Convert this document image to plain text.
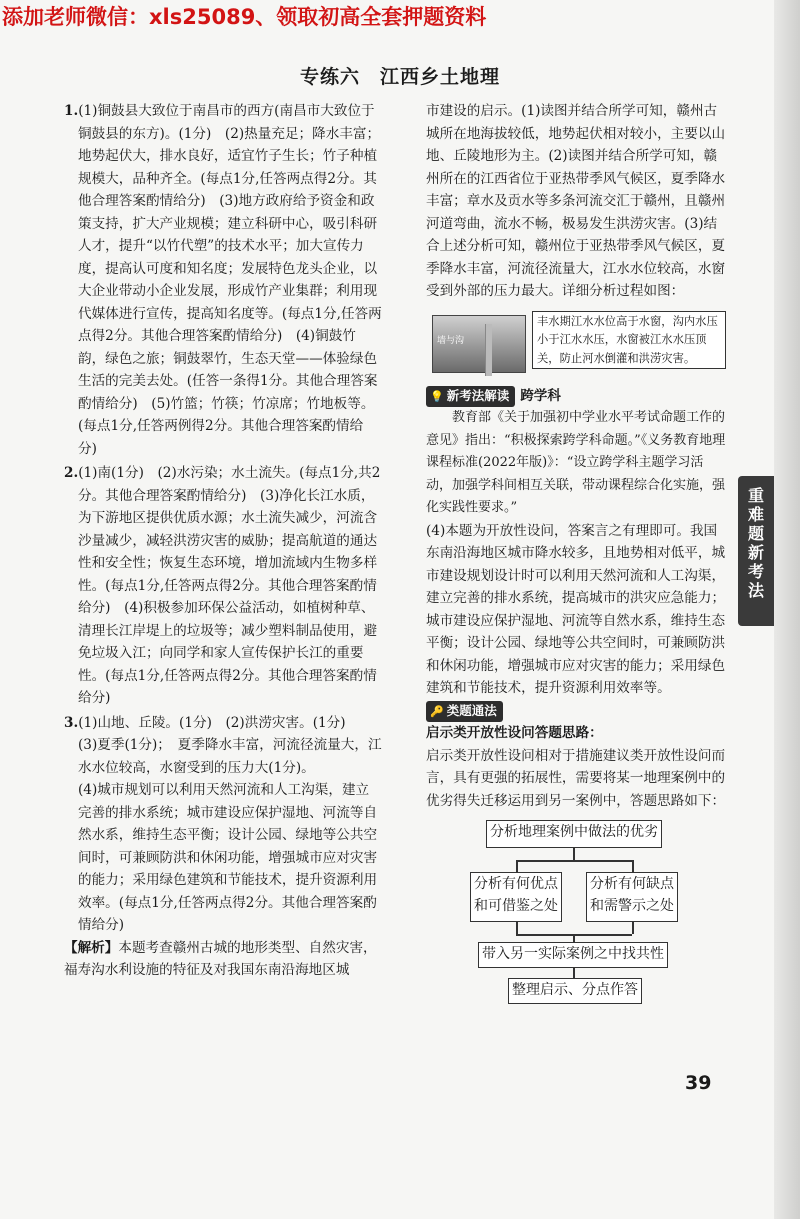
添加老师微信：xls25089、领取初高全套押题资料
专练六　江西乡土地理

1.(1)铜鼓县大致位于南昌市的西方(南昌市大致位于铜鼓县的东方)。(1分)　(2)热量充足；降水丰富；地势起伏大，排水良好，适宜竹子生长；竹子种植规模大，品种齐全。(每点1分,任答两点得2分。其他合理答案酌情给分)　(3)地方政府给予资金和政策支持，扩大产业规模；建立科研中心，吸引科研人才，提升“以竹代塑”的技术水平；加大宣传力度，提高认可度和知名度；发展特色龙头企业，以大企业带动小企业发展，形成竹产业集群；利用现代媒体进行宣传，提高知名度等。(每点1分,任答两点得2分。其他合理答案酌情给分)　(4)铜鼓竹韵，绿色之旅；铜鼓翠竹，生态天堂——体验绿色生活的完美去处。(任答一条得1分。其他合理答案酌情给分)　(5)竹篮；竹筷；竹凉席；竹地板等。(每点1分,任答两例得2分。其他合理答案酌情给分)

2.(1)南(1分)　(2)水污染；水土流失。(每点1分,共2分。其他合理答案酌情给分)　(3)净化长江水质，为下游地区提供优质水源；水土流失减少，河流含沙量减少，减轻洪涝灾害的威胁；提高航道的通达性和安全性；恢复生态环境，增加流域内生物多样性。(每点1分,任答两点得2分。其他合理答案酌情给分)　(4)积极参加环保公益活动，如植树种草、清理长江岸堤上的垃圾等；减少塑料制品使用，避免垃圾入江；向同学和家人宣传保护长江的重要性。(每点1分,任答两点得2分。其他合理答案酌情给分)

3.(1)山地、丘陵。(1分)　(2)洪涝灾害。(1分)

(3)夏季(1分)；　夏季降水丰富，河流径流量大，江水水位较高，水窗受到的压力大(1分)。

(4)城市规划可以利用天然河流和人工沟渠，建立完善的排水系统；城市建设应保护湿地、河流等自然水系，维持生态平衡；设计公园、绿地等公共空间时，可兼顾防洪和休闲功能，增强城市应对灾害的能力；采用绿色建筑和节能技术，提升资源利用效率。(每点1分,任答两点得2分。其他合理答案酌情给分)

【解析】本题考查赣州古城的地形类型、自然灾害，福寿沟水利设施的特征及对我国东南沿海地区城

市建设的启示。(1)读图并结合所学可知，赣州古城所在地海拔较低，地势起伏相对较小，主要以山地、丘陵地形为主。(2)读图并结合所学可知，赣州所在的江西省位于亚热带季风气候区，夏季降水丰富；章水及贡水等多条河流交汇于赣州，且赣州河道弯曲，流水不畅，极易发生洪涝灾害。(3)结合上述分析可知，赣州位于亚热带季风气候区，夏季降水丰富，河流径流量大，江水水位较高，水窗受到外部的压力最大。详细分析过程如图：

墙与沟
丰水期江水水位高于水窗，沟内水压小于江水水压，水窗被江水水压顶关，防止河水倒灌和洪涝灾害。

💡 新考法解读 跨学科

教育部《关于加强初中学业水平考试命题工作的意见》指出：“积极探索跨学科命题。”《义务教育地理课程标准(2022年版)》：“设立跨学科主题学习活动，加强学科间相互关联，带动课程综合化实施，强化实践性要求。”

(4)本题为开放性设问，答案言之有理即可。我国东南沿海地区城市降水较多，且地势相对低平，城市建设规划设计时可以利用天然河流和人工沟渠，建立完善的排水系统，提高城市的洪灾应急能力；城市建设应保护湿地、河流等自然水系，维持生态平衡；设计公园、绿地等公共空间时，可兼顾防洪和休闲功能，增强城市应对灾害的能力；采用绿色建筑和节能技术，提升资源利用效率等。

🔑 类题通法

启示类开放性设问答题思路：

启示类开放性设问相对于措施建议类开放性设问而言，具有更强的拓展性，需要将某一地理案例中的优劣得失迁移运用到另一案例中，答题思路如下：

分析地理案例中做法的优劣
分析有何优点和可借鉴之处
分析有何缺点和需警示之处
带入另一实际案例之中找共性
整理启示、分点作答
重
难
题
新
考
法
39
